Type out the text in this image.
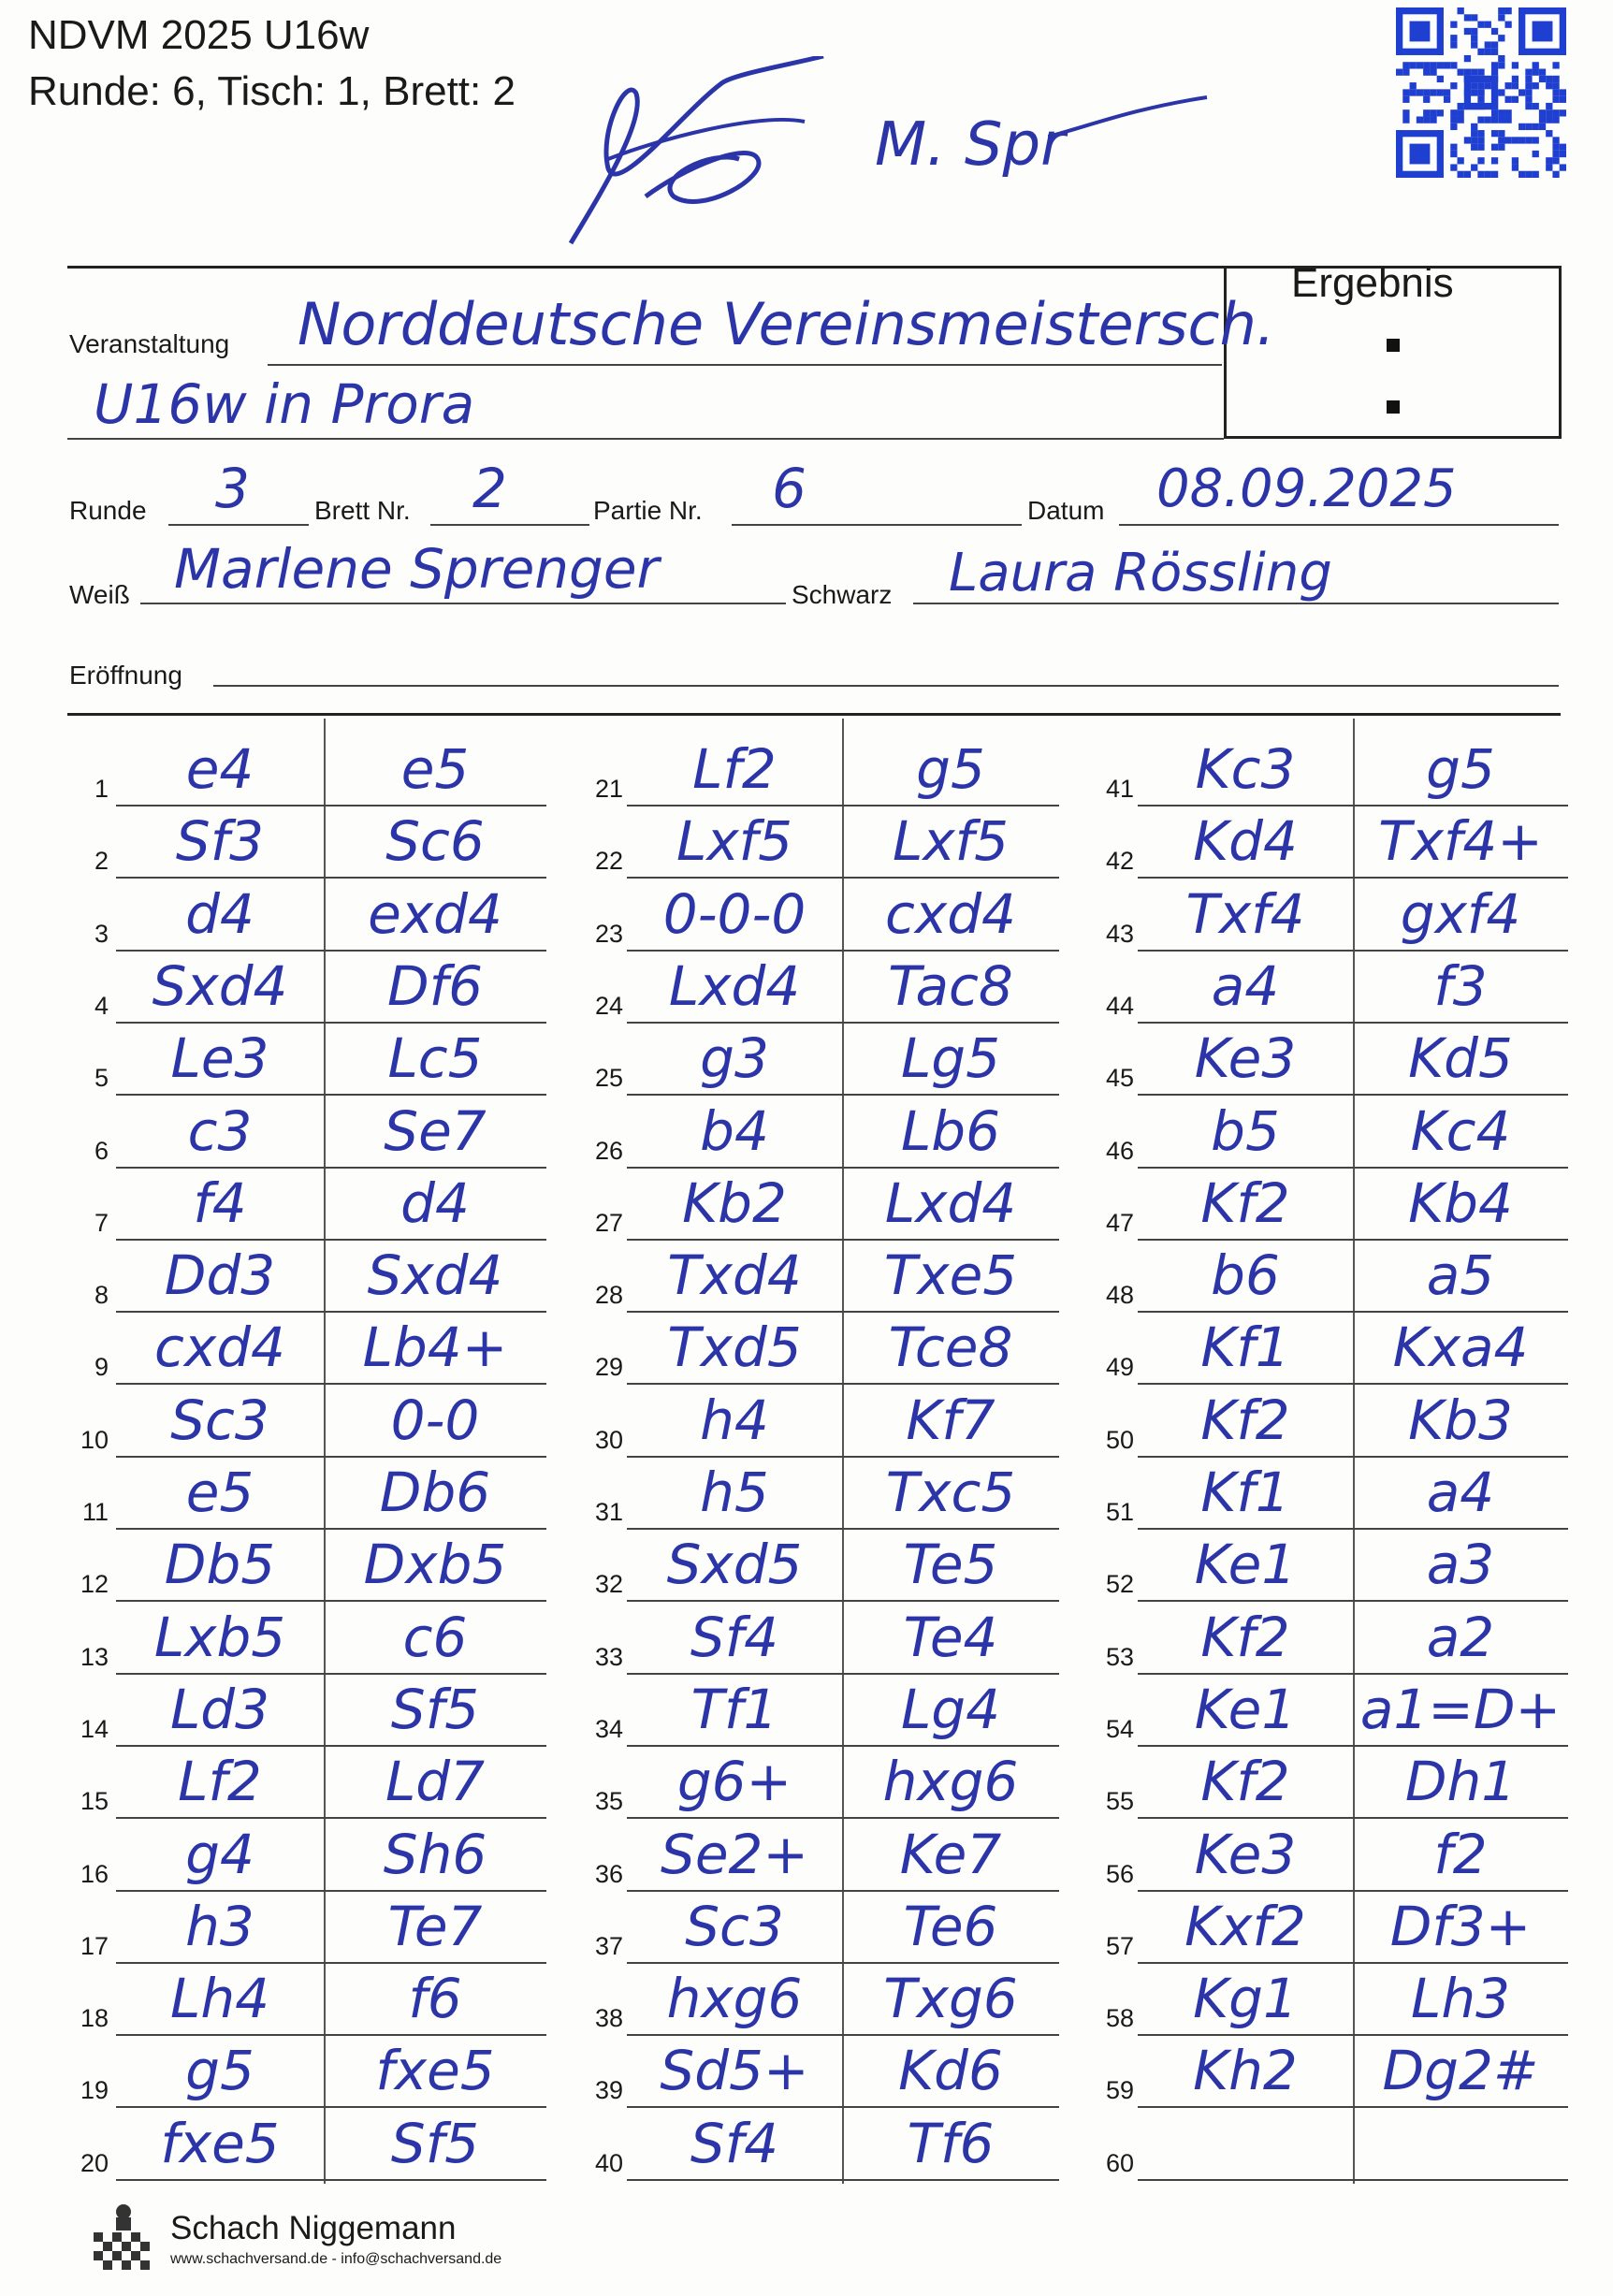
NDVM 2025 U16w
Runde: 6, Tisch: 1, Brett: 2
M. Spr
Ergebnis
Veranstaltung Norddeutsche Vereinsmeistersch.
U16w in Prora
Runde 3 Brett Nr. 2	Partie Nr. 6	Datum 08.09.2025
Weiß Marlene Sprenger	Schwarz Laura Rössling
Eröffnung
1	e4	e5
2	Sf3	Sc6
3	d4	exd4
4 Sxd4	Df6
5	Le3	Lc5
6	c3	Se7
7	f4	d4
8	Dd3	Sxd4
9 cxd4	Lb4+
10	Sc3	0-0
11	e5	Db6
12	Db5	Dxb5
13 Lxb5	c6
14	Ld3	Sf5
15	Lf2	Ld7
16	g4	Sh6
17	h3	Te7
18	Lh4	f6
19	g5	fxe5
20 fxe5	Sf5
21	Lf2	g5
22 Lxf5	Lxf5
23 0-0-0	cxd4
24 Lxd4	Tac8
25	g3	Lg5
26	b4	Lb6
27	Kb2	Lxd4
28 Txd4	Txe5
29 Txd5	Tce8
30	h4	Kf7
31	h5	Txc5
32 Sxd5	Te5
33	Sf4	Te4
34	Tf1	Lg4
35 g6+	hxg6
36 Se2+	Ke7
37	Sc3	Te6
38 hxg6	Txg6
39 Sd5+	Kd6
40	Sf4	Tf6
41	Kc3	g5
42	Kd4	Txf4+
43 Txf4	gxf4
44	a4	f3
45	Ke3	Kd5
46	b5	Kc4
47	Kf2	Kb4
48	b6	a5
49	Kf1	Kxa4
50	Kf2	Kb3
51	Kf1	a4
52	Ke1	a3
53	Kf2	a2
54	Ke1	a1=D+
55	Kf2	Dh1
56	Ke3	f2
57 Kxf2	Df3+
58	Kg1	Lh3
59	Kh2	Dg2#
60
Schach Niggemann
www.schachversand.de - info@schachversand.de
